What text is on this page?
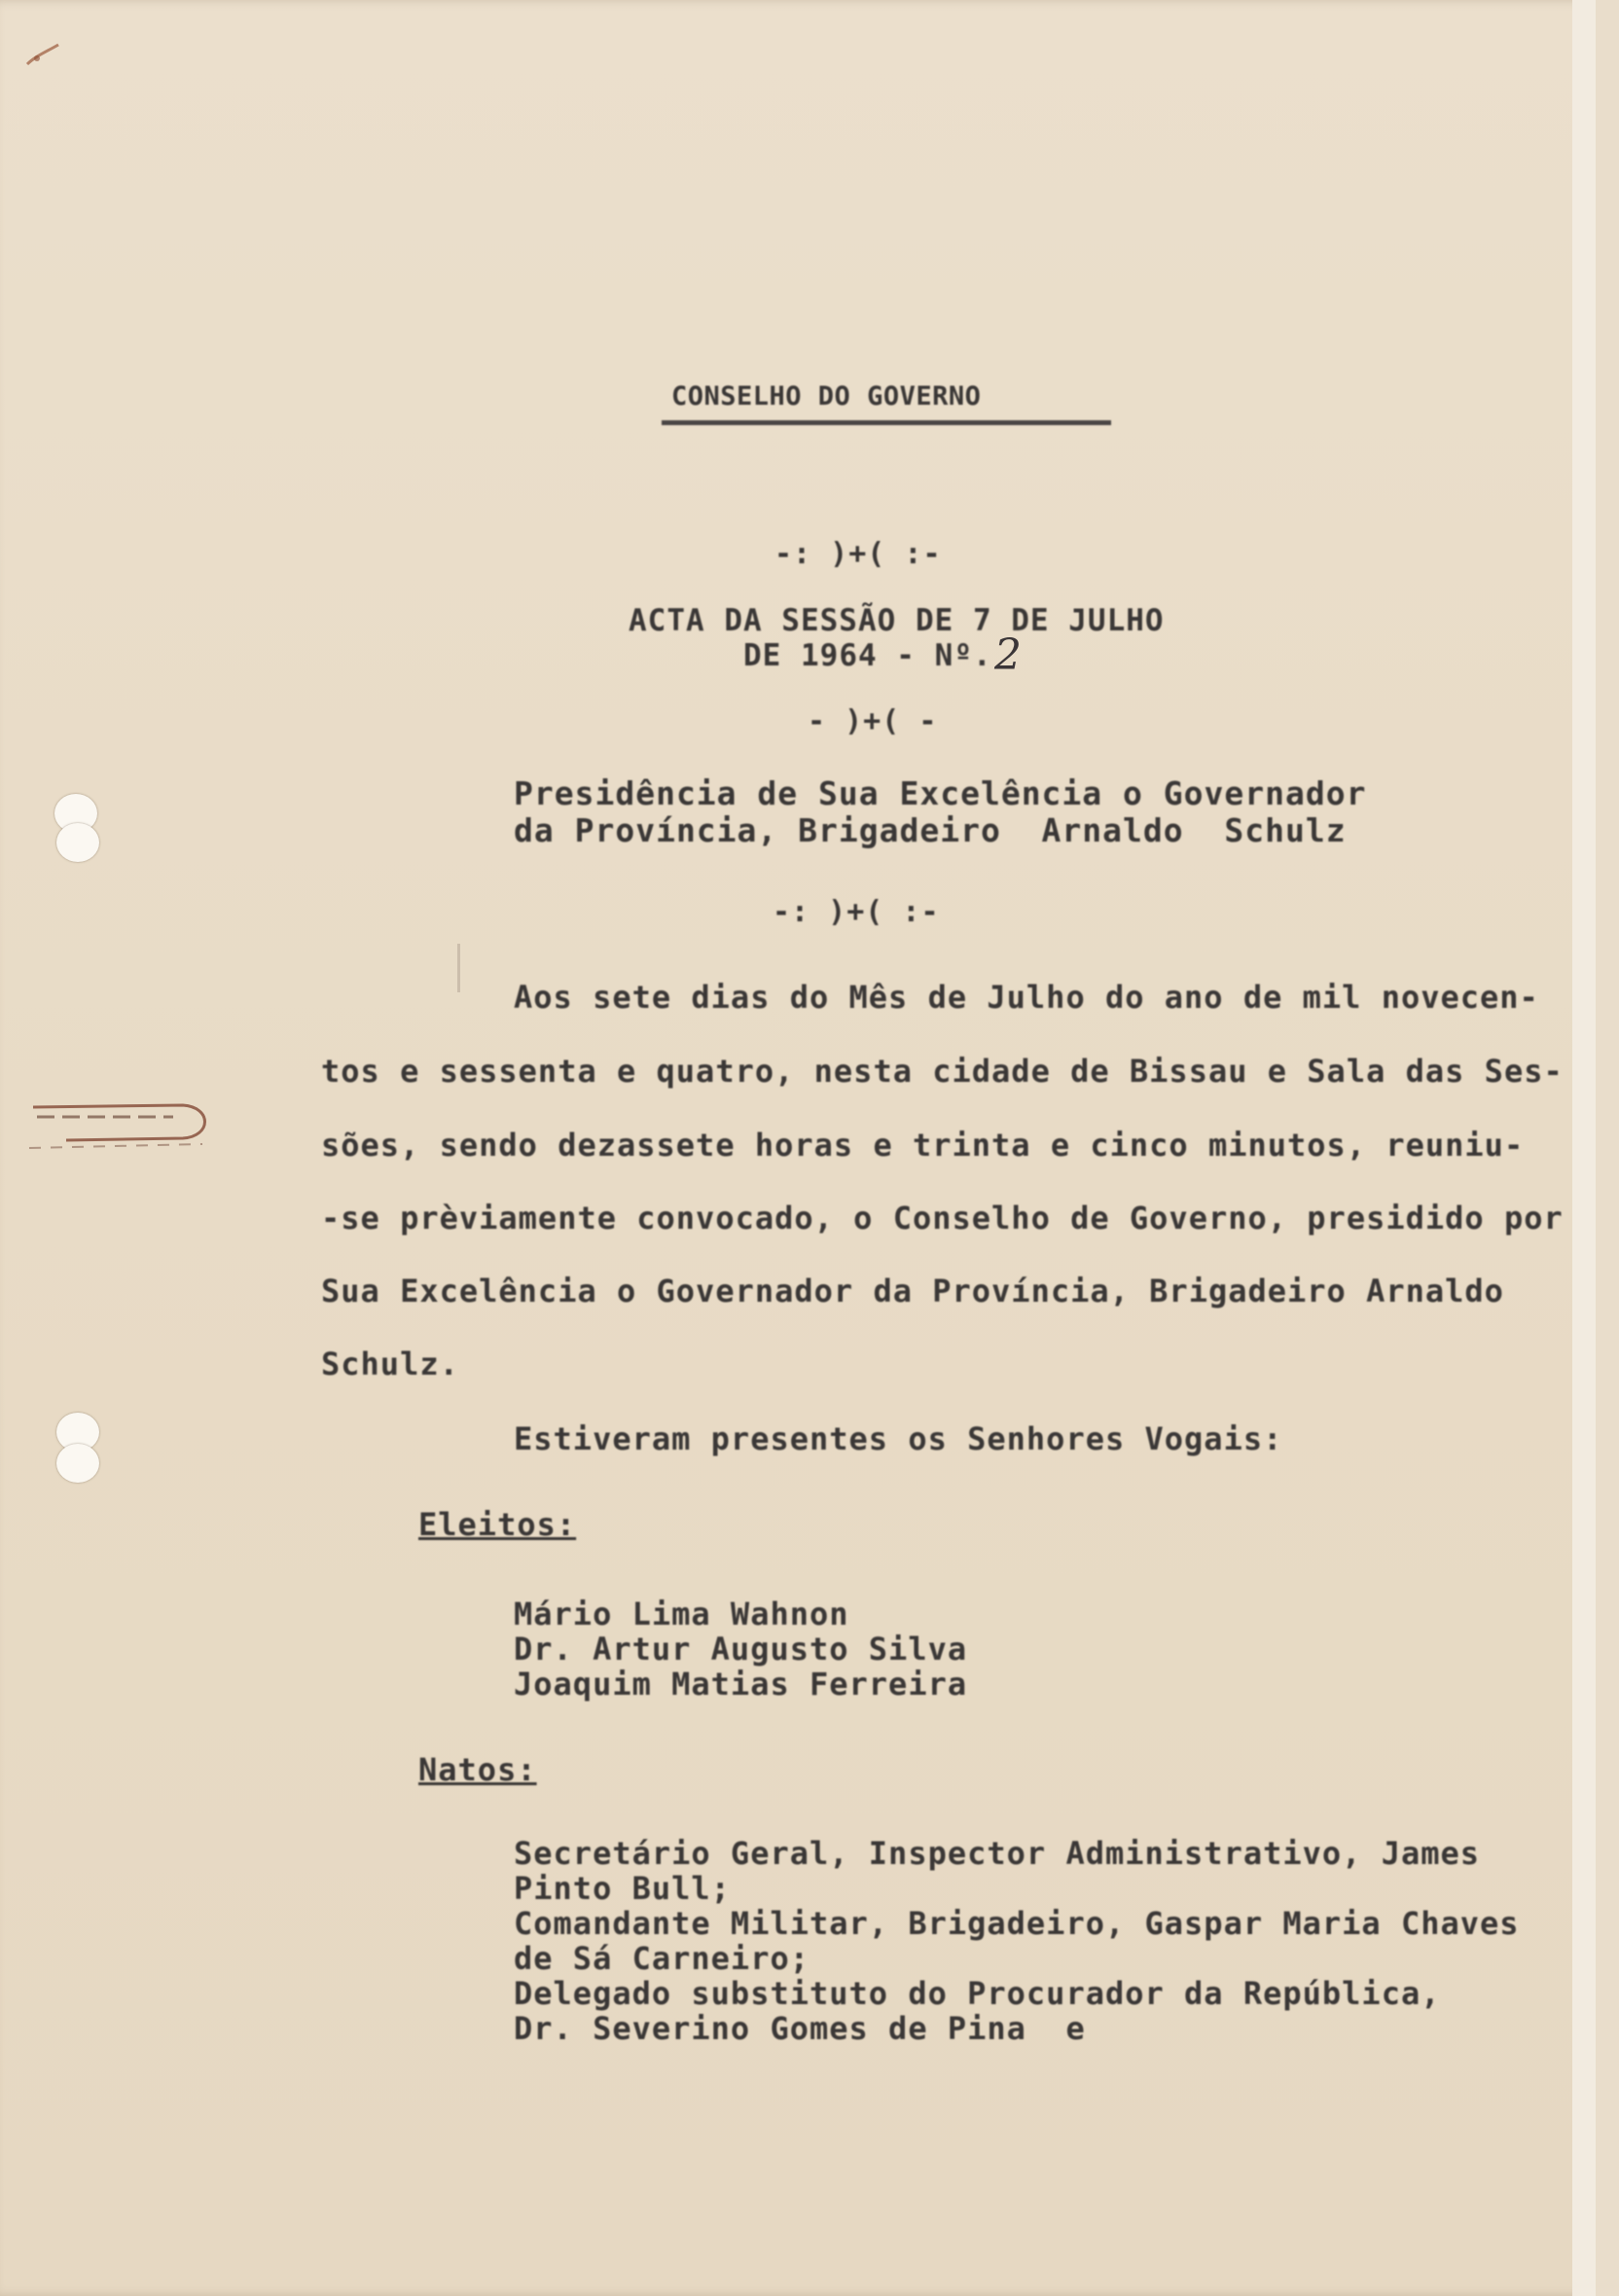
CONSELHO DO GOVERNO
-: )+( :-
ACTA DA SESSÃO DE 7 DE JULHO
DE 1964 - Nº. 2
- )+( -
Presidência de Sua Excelência o Governador
da Província, Brigadeiro  Arnaldo  Schulz
-: )+( :-
Aos sete dias do Mês de Julho do ano de mil novecen-
tos e sessenta e quatro, nesta cidade de Bissau e Sala das Ses-
sões, sendo dezassete horas e trinta e cinco minutos, reuniu-
-se prèviamente convocado, o Conselho de Governo, presidido por
Sua Excelência o Governador da Província, Brigadeiro Arnaldo
Schulz.
Estiveram presentes os Senhores Vogais:
Eleitos:
Mário Lima Wahnon
Dr. Artur Augusto Silva
Joaquim Matias Ferreira
Natos:
Secretário Geral, Inspector Administrativo, James
Pinto Bull;
Comandante Militar, Brigadeiro, Gaspar Maria Chaves
de Sá Carneiro;
Delegado substituto do Procurador da República,
Dr. Severino Gomes de Pina  e
